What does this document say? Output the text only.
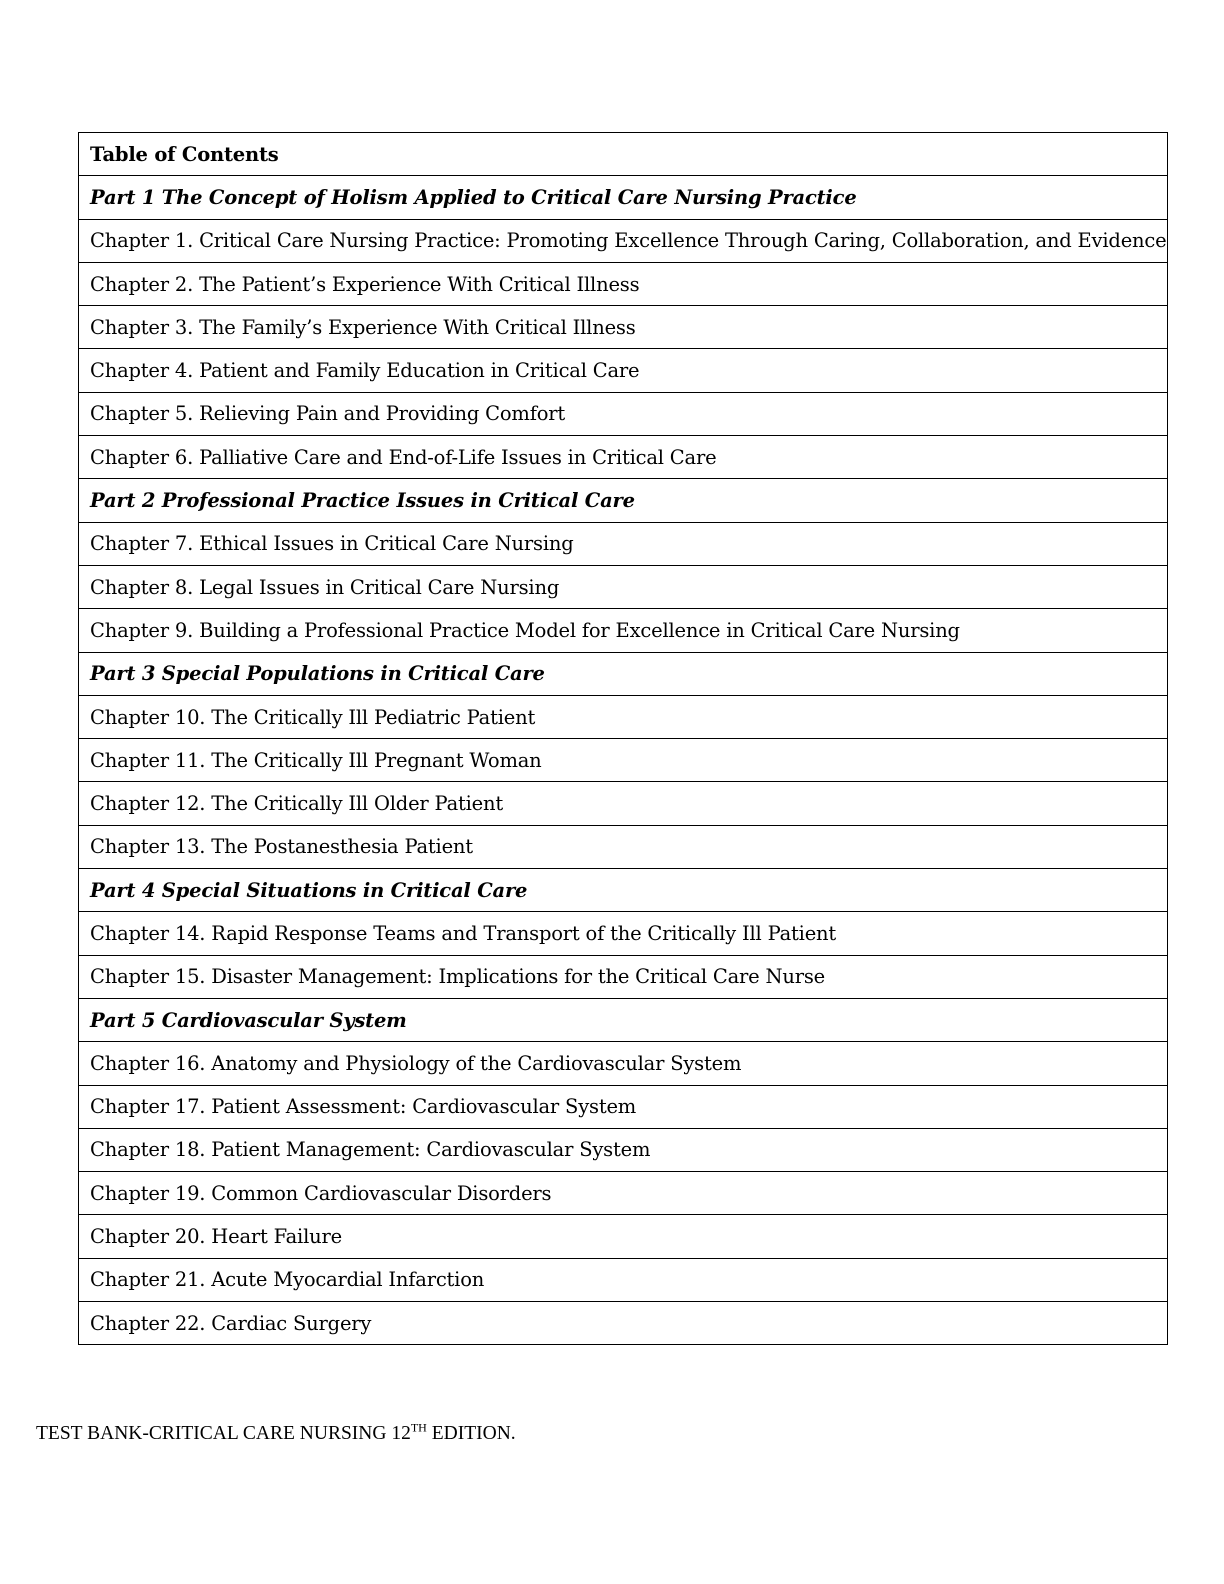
Table of Contents
Part 1 The Concept of Holism Applied to Critical Care Nursing Practice
Chapter 1. Critical Care Nursing Practice: Promoting Excellence Through Caring, Collaboration, and Evidence
Chapter 2. The Patient’s Experience With Critical Illness
Chapter 3. The Family’s Experience With Critical Illness
Chapter 4. Patient and Family Education in Critical Care
Chapter 5. Relieving Pain and Providing Comfort
Chapter 6. Palliative Care and End-of-Life Issues in Critical Care
Part 2 Professional Practice Issues in Critical Care
Chapter 7. Ethical Issues in Critical Care Nursing
Chapter 8. Legal Issues in Critical Care Nursing
Chapter 9. Building a Professional Practice Model for Excellence in Critical Care Nursing
Part 3 Special Populations in Critical Care
Chapter 10. The Critically Ill Pediatric Patient
Chapter 11. The Critically Ill Pregnant Woman
Chapter 12. The Critically Ill Older Patient
Chapter 13. The Postanesthesia Patient
Part 4 Special Situations in Critical Care
Chapter 14. Rapid Response Teams and Transport of the Critically Ill Patient
Chapter 15. Disaster Management: Implications for the Critical Care Nurse
Part 5 Cardiovascular System
Chapter 16. Anatomy and Physiology of the Cardiovascular System
Chapter 17. Patient Assessment: Cardiovascular System
Chapter 18. Patient Management: Cardiovascular System
Chapter 19. Common Cardiovascular Disorders
Chapter 20. Heart Failure
Chapter 21. Acute Myocardial Infarction
Chapter 22. Cardiac Surgery
TEST BANK-CRITICAL CARE NURSING 12TH EDITION.
